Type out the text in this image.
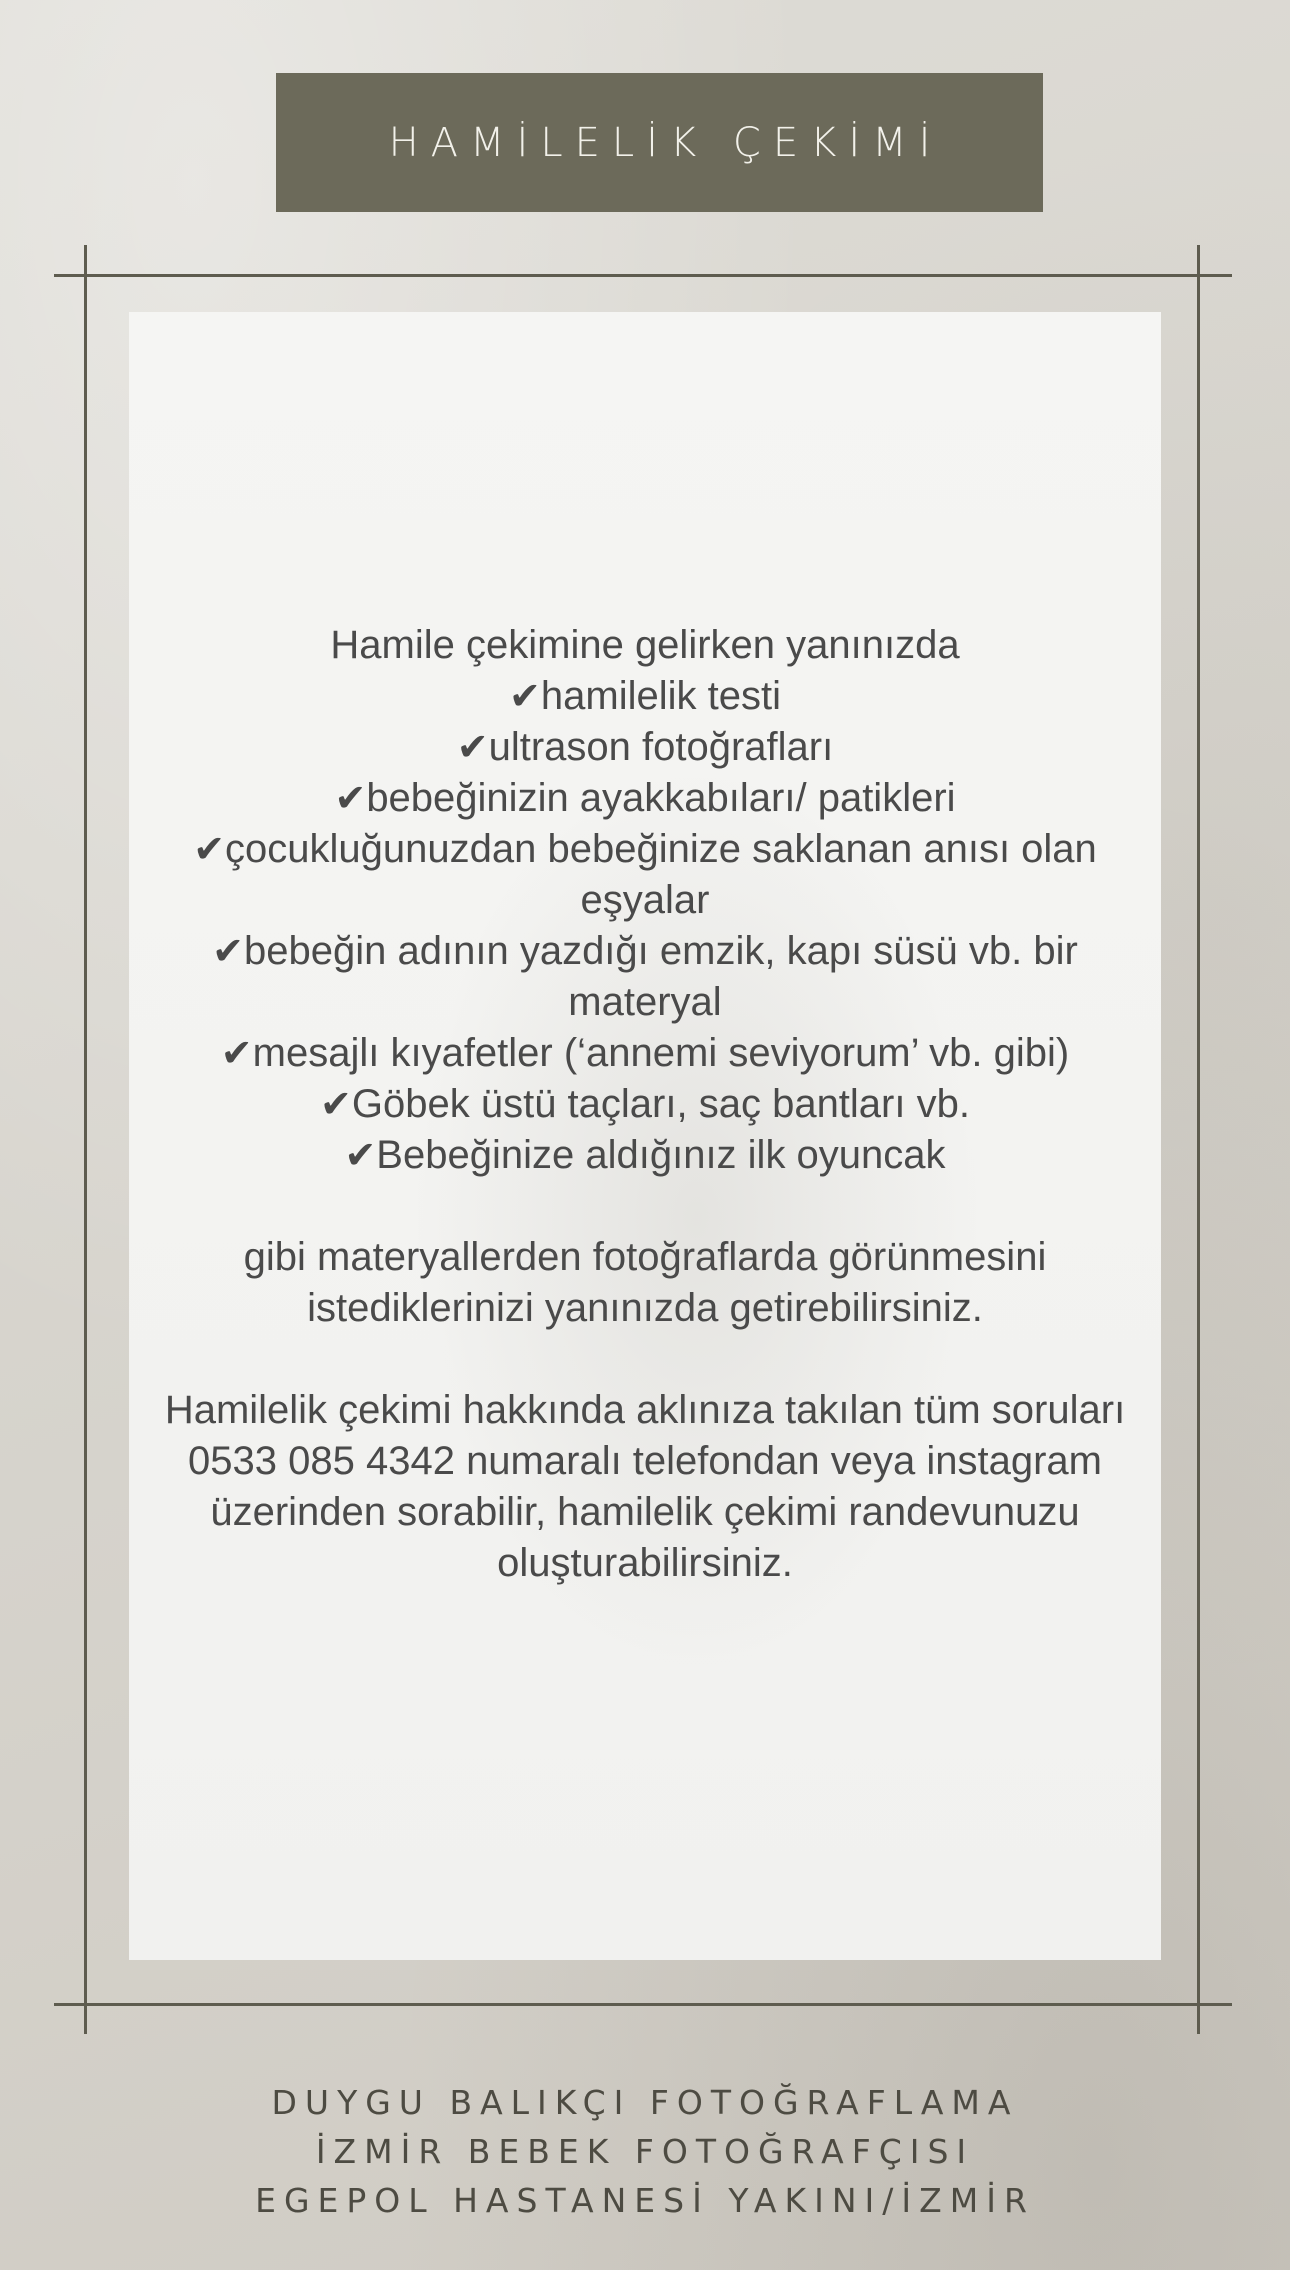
HAMİLELİK ÇEKİMİ

Hamile çekimine gelirken yanınızda

✔hamilelik testi

✔ultrason fotoğrafları

✔bebeğinizin ayakkabıları/ patikleri

✔çocukluğunuzdan bebeğinize saklanan anısı olan eşyalar

✔bebeğin adının yazdığı emzik, kapı süsü vb. bir materyal

✔mesajlı kıyafetler (‘annemi seviyorum’ vb. gibi)

✔Göbek üstü taçları, saç bantları vb.

✔Bebeğinize aldığınız ilk oyuncak

gibi materyallerden fotoğraflarda görünmesini istediklerinizi yanınızda getirebilirsiniz.

Hamilelik çekimi hakkında aklınıza takılan tüm soruları 0533 085 4342 numaralı telefondan veya instagram üzerinden sorabilir, hamilelik çekimi randevunuzu oluşturabilirsiniz.

DUYGU BALIKÇI FOTOĞRAFLAMA

İZMİR BEBEK FOTOĞRAFÇISI

EGEPOL HASTANESİ YAKINI/İZMİR
